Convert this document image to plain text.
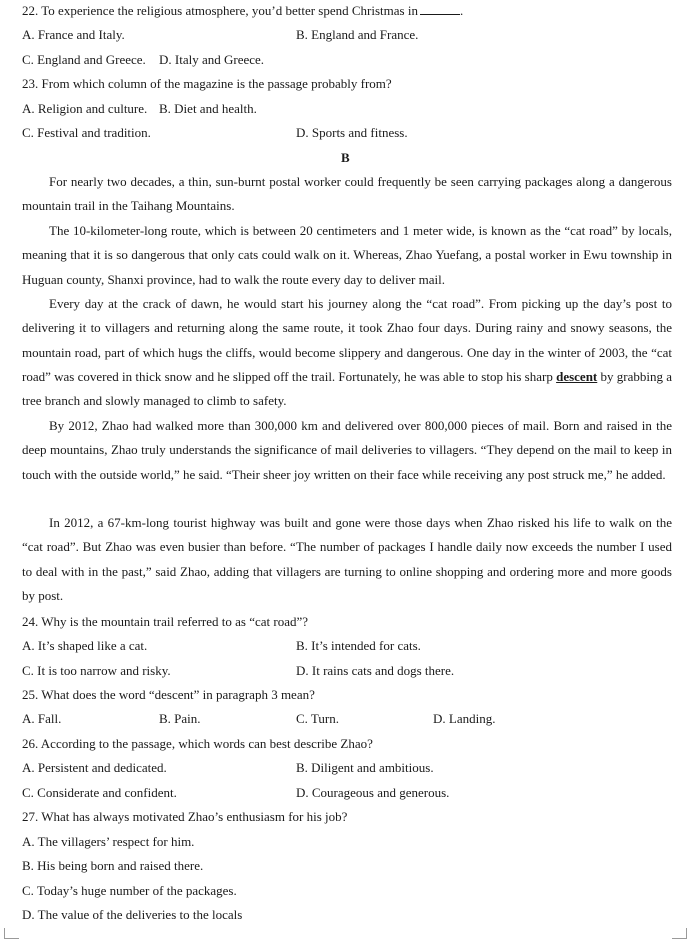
22. To experience the religious atmosphere, you’d better spend Christmas in	.
A. France and Italy.	B. England and France.
C. England and Greece. D. Italy and Greece.
23. From which column of the magazine is the passage probably from?
A. Religion and culture. B. Diet and health.
C. Festival and tradition.	D. Sports and fitness.
B
For nearly two decades, a thin, sun-burnt postal worker could frequently be seen carrying packages along a dangerous mountain trail in the Taihang Mountains.
The 10-kilometer-long route, which is between 20 centimeters and 1 meter wide, is known as the “cat road” by locals, meaning that it is so dangerous that only cats could walk on it. Whereas, Zhao Yuefang, a postal worker in Ewu township in Huguan county, Shanxi province, had to walk the route every day to deliver mail.
Every day at the crack of dawn, he would start his journey along the “cat road”. From picking up the day’s post to delivering it to villagers and returning along the same route, it took Zhao four days. During rainy and snowy seasons, the mountain road, part of which hugs the cliffs, would become slippery and dangerous. One day in the winter of 2003, the “cat road” was covered in thick snow and he slipped off the trail. Fortunately, he was able to stop his sharp descent by grabbing a tree branch and slowly managed to climb to safety.
By 2012, Zhao had walked more than 300,000 km and delivered over 800,000 pieces of mail. Born and raised in the deep mountains, Zhao truly understands the significance of mail deliveries to villagers. “They depend on the mail to keep in touch with the outside world,” he said. “Their sheer joy written on their face while receiving any post struck me,” he added.
In 2012, a 67-km-long tourist highway was built and gone were those days when Zhao risked his life to walk on the “cat road”. But Zhao was even busier than before. “The number of packages I handle daily now exceeds the number I used to deal with in the past,” said Zhao, adding that villagers are turning to online shopping and ordering more and more goods by post.
24. Why is the mountain trail referred to as “cat road”?
A. It’s shaped like a cat.	B. It’s intended for cats.
C. It is too narrow and risky.	D. It rains cats and dogs there.
25. What does the word “descent” in paragraph 3 mean?
A. Fall.	B. Pain.	C. Turn.	D. Landing.
26. According to the passage, which words can best describe Zhao?
A. Persistent and dedicated.	B. Diligent and ambitious.
C. Considerate and confident.	D. Courageous and generous.
27. What has always motivated Zhao’s enthusiasm for his job?
A. The villagers’ respect for him.
B. His being born and raised there.
C. Today’s huge number of the packages.
D. The value of the deliveries to the locals
